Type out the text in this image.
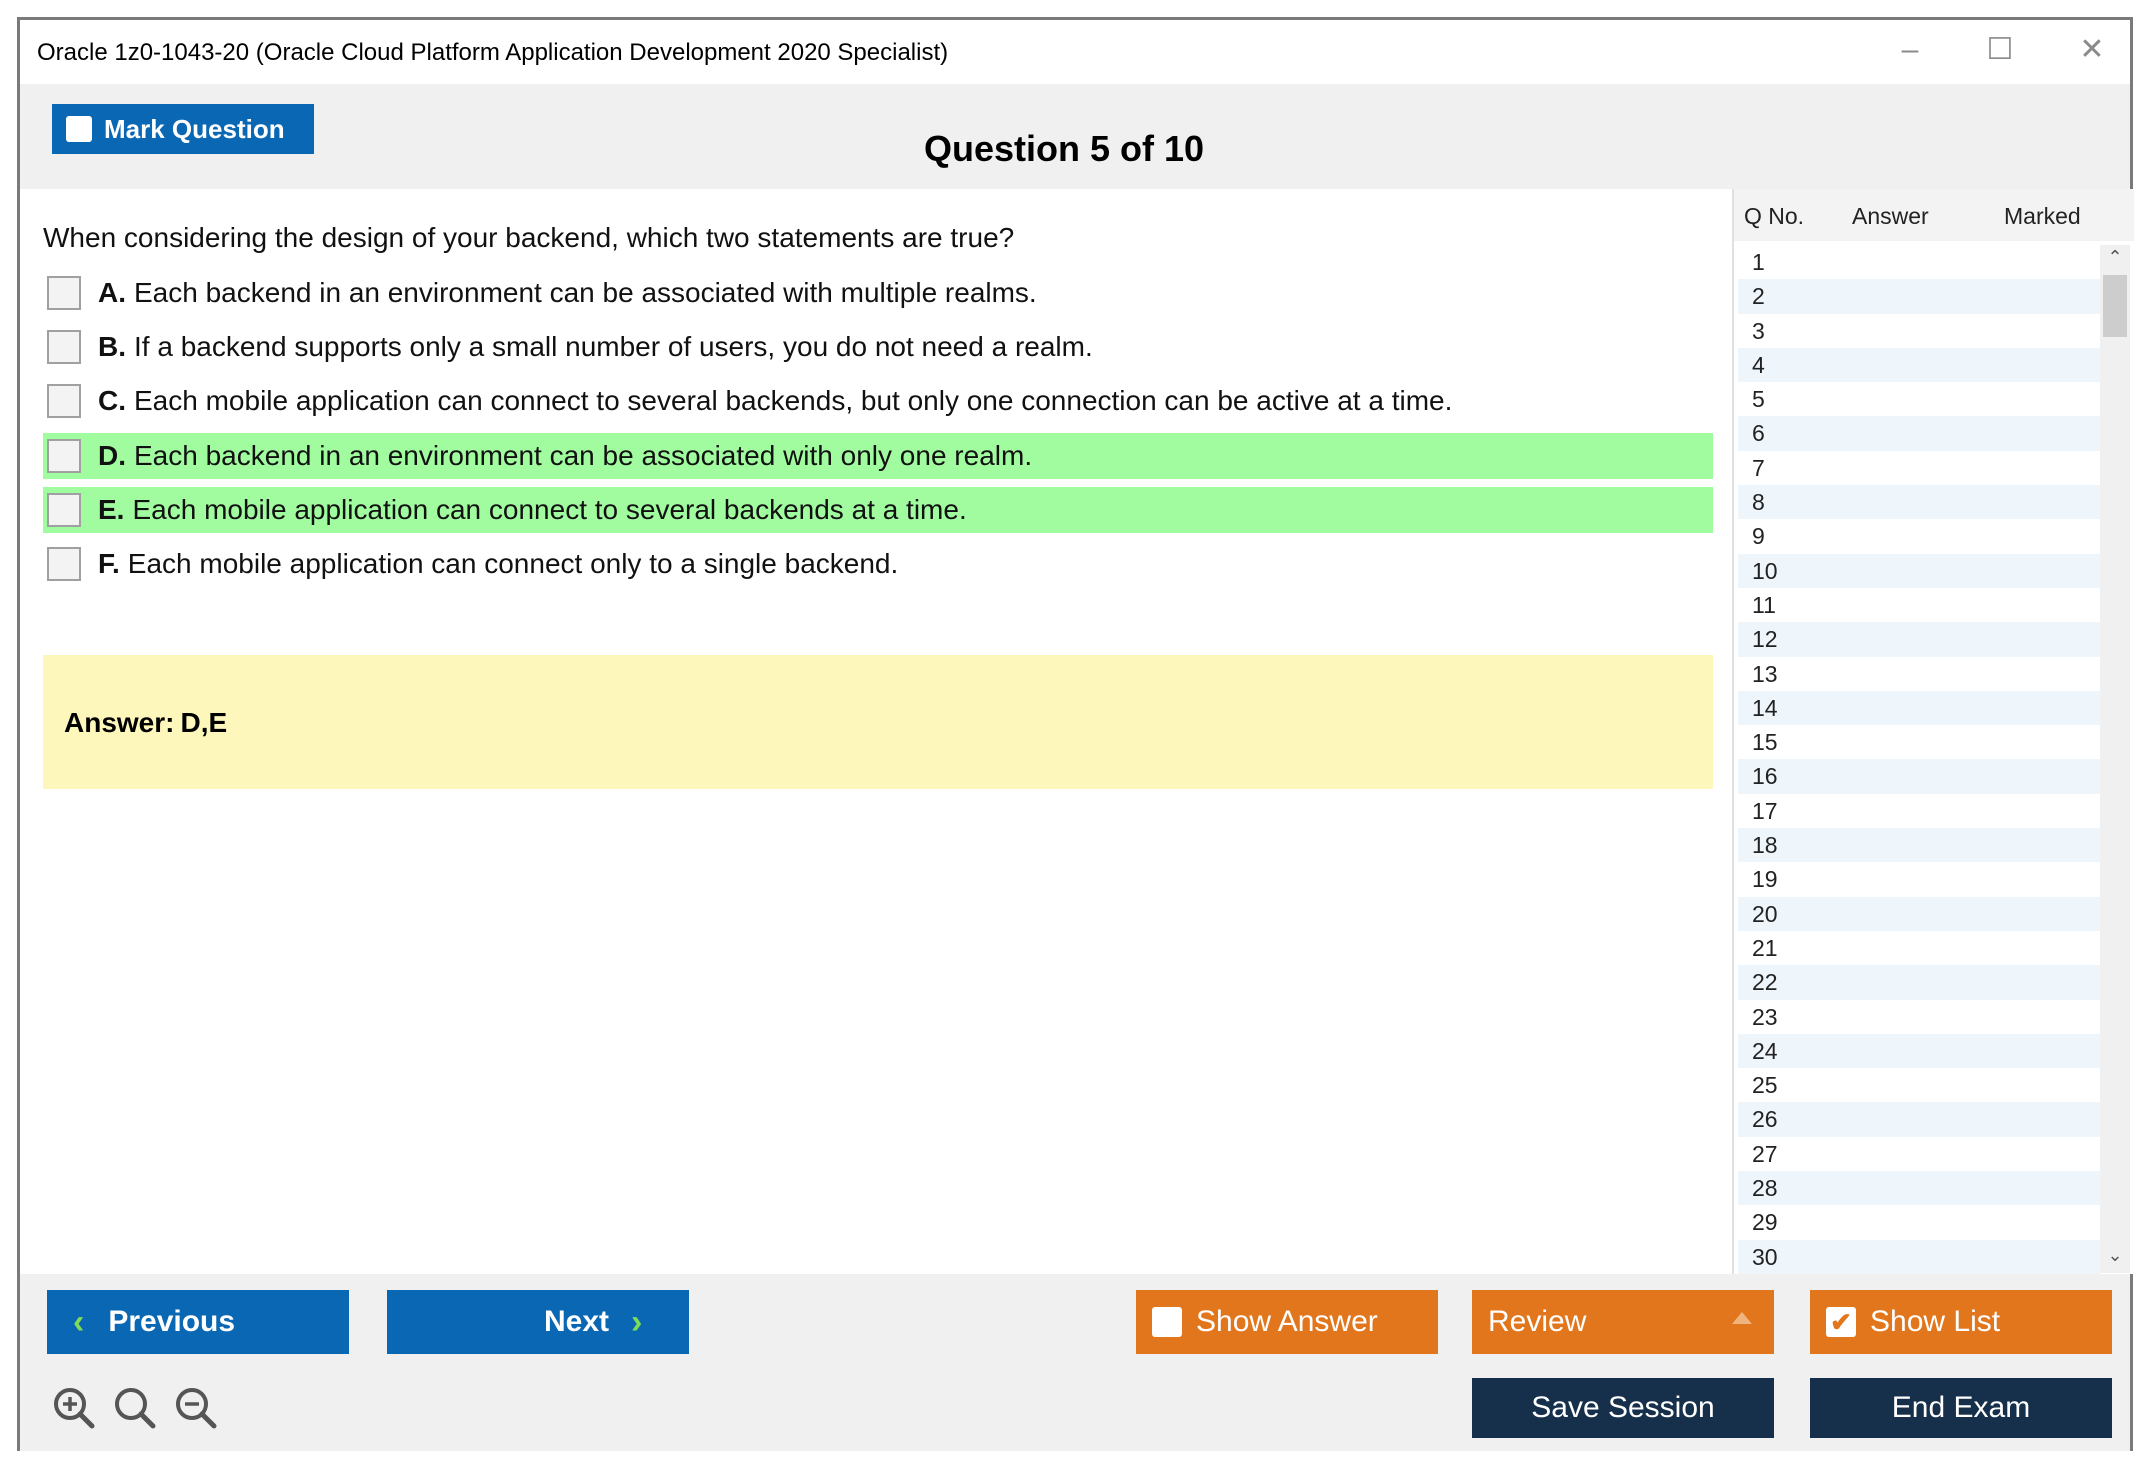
Oracle 1z0-1043-20 (Oracle Cloud Platform Application Development 2020 Specialist)	–	☐	✕
Mark Question	Question 5 of 10
When considering the design of your backend, which two statements are true?
A. Each backend in an environment can be associated with multiple realms.
B. If a backend supports only a small number of users, you do not need a realm.
C. Each mobile application can connect to several backends, but only one connection can be active at a time.
D. Each backend in an environment can be associated with only one realm.
E. Each mobile application can connect to several backends at a time.
F. Each mobile application can connect only to a single backend.
Answer: D,E
Q No. Answer	Marked
1
2
3
4
5
6
7
8
9
10
11
12
13
14
15
16
17
18
19
20
21
22
23
24
25
26
27
28
29
30
⌃
⌄
‹ Previous	Next ›	Show Answer	Review	✔ Show List
Save Session	End Exam
